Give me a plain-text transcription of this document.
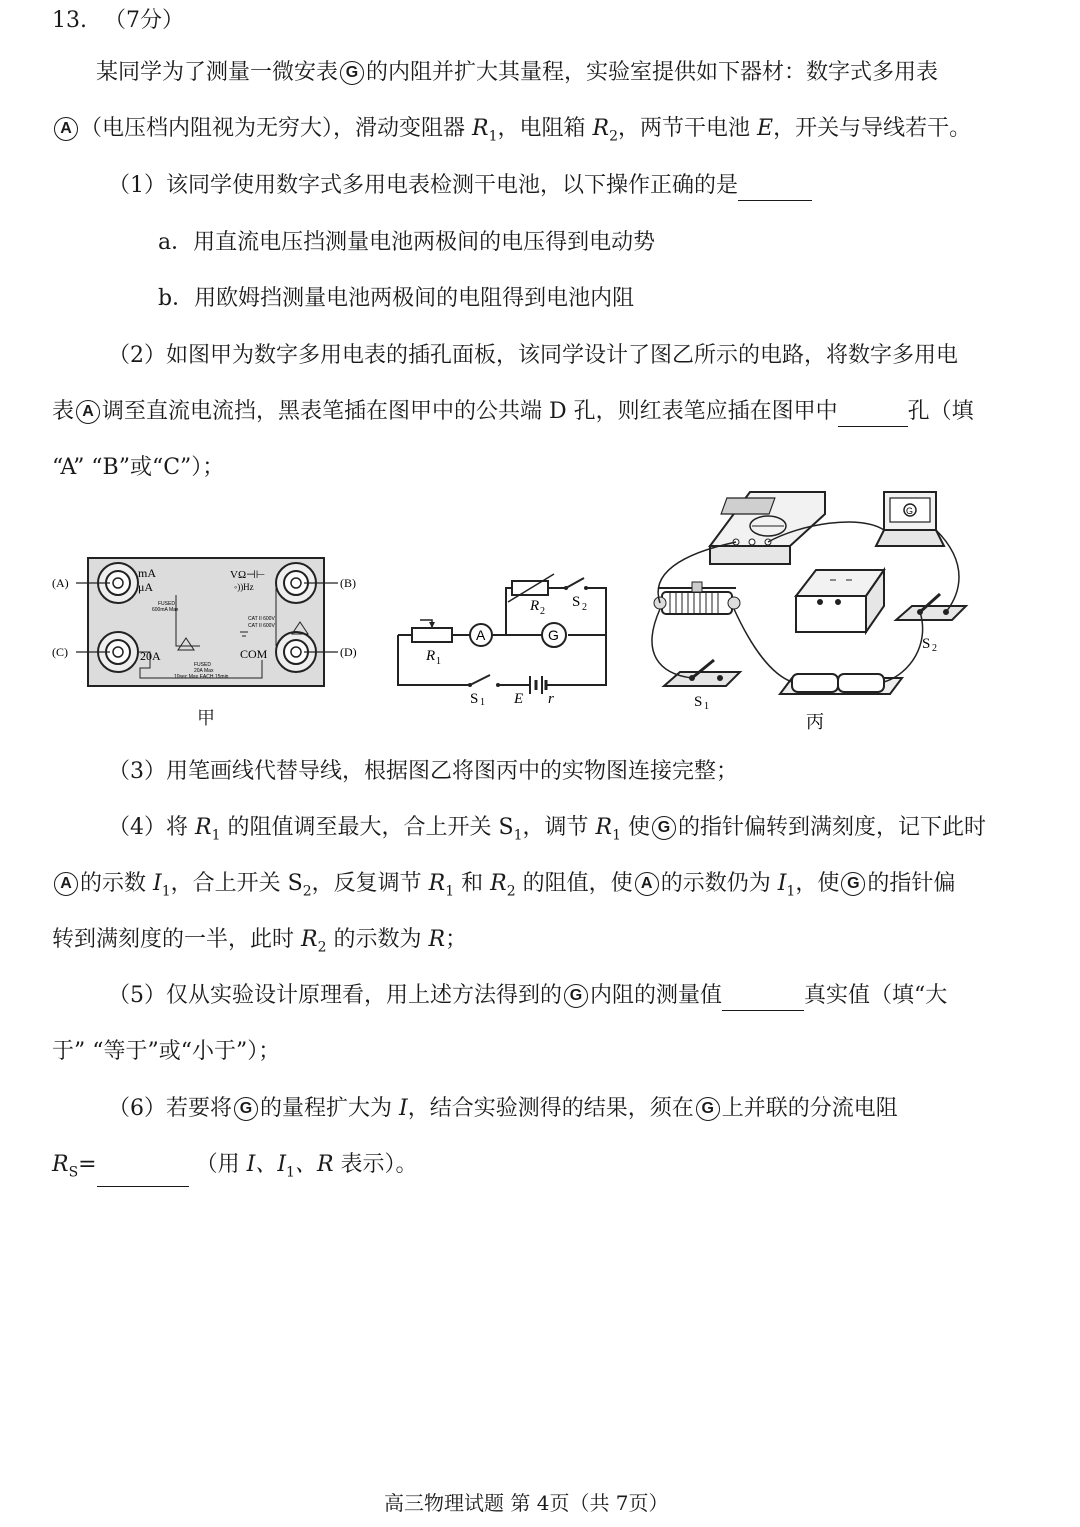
13. （7分）
某同学为了测量一微安表 G 的内阻并扩大其量程，实验室提供如下器材：数字式多用表
A （电压档内阻视为无穷大），滑动变阻器 $R_1$，电阻箱 $R_2$，两节干电池 E，开关与导线若干。
（1）该同学使用数字式多用电表检测干电池，以下操作正确的是
a．用直流电压挡测量电池两极间的电压得到电动势
b．用欧姆挡测量电池两极间的电阻得到电池内阻
（2）如图甲为数字多用电表的插孔面板，该同学设计了图乙所示的电路，将数字多用电
表 A 调至直流电流挡，黑表笔插在图甲中的公共端 D 孔，则红表笔应插在图甲中	孔（填
“A” “B”或“C”）；
(A)
(C)
(B)
(D)
mA
μA
FUSED
600mA Max
VΩ⊣⊢
◦))Hz
CAT II 600V
CAT II 600V
20A	COM
FUSED
20A Max
10sec Max EACH 15min
甲
A	G
R 1
R 2
S 2
S 1 E r
G
S 2
S 1
丙
（3）用笔画线代替导线，根据图乙将图丙中的实物图连接完整；
（4）将 $R_1$ 的阻值调至最大，合上开关 $S_1$，调节 $R_1$ 使 G 的指针偏转到满刻度，记下此时
A 的示数 $I_1$，合上开关 $S_2$，反复调节 $R_1$ 和 $R_2$ 的阻值，使 A 的示数仍为 $I_1$，使 G 的指针偏
转到满刻度的一半，此时 $R_2$ 的示数为 R；
（5）仅从实验设计原理看，用上述方法得到的 G 内阻的测量值	真实值（填“大
于” “等于”或“小于”）；
（6）若要将 G 的量程扩大为 I，结合实验测得的结果，须在 G 上并联的分流电阻
$R_S=$	（用 I、$I_1$、R 表示）。
高三物理试题 第 4页（共 7页）
